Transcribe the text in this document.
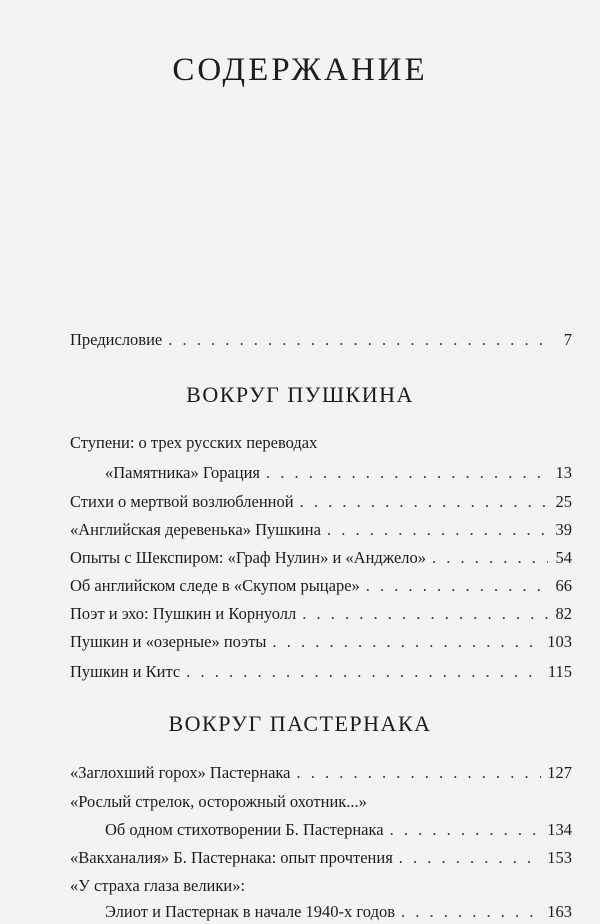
СОДЕРЖАНИЕ
Предисловие . . .	7
ВОКРУГ ПУШКИНА
Ступени: о трех русских переводах
«Памятника» Горация . . .	13
Стихи о мертвой возлюбленной . . .	25
«Английская деревенька» Пушкина . . .	39
Опыты с Шекспиром: «Граф Нулин» и «Анджело» . . .	54
Об английском следе в «Скупом рыцаре» . . .	66
Поэт и эхо: Пушкин и Корнуолл . . .	82
Пушкин и «озерные» поэты . . .	103
Пушкин и Китс . . .	115
ВОКРУГ ПАСТЕРНАКА
«Заглохший горох» Пастернака . . .	127
«Рослый стрелок, осторожный охотник...»
Об одном стихотворении Б. Пастернака . . .	134
«Вакханалия» Б. Пастернака: опыт прочтения . . .	153
«У страха глаза велики»:
Элиот и Пастернак в начале 1940-х годов . . .	163
